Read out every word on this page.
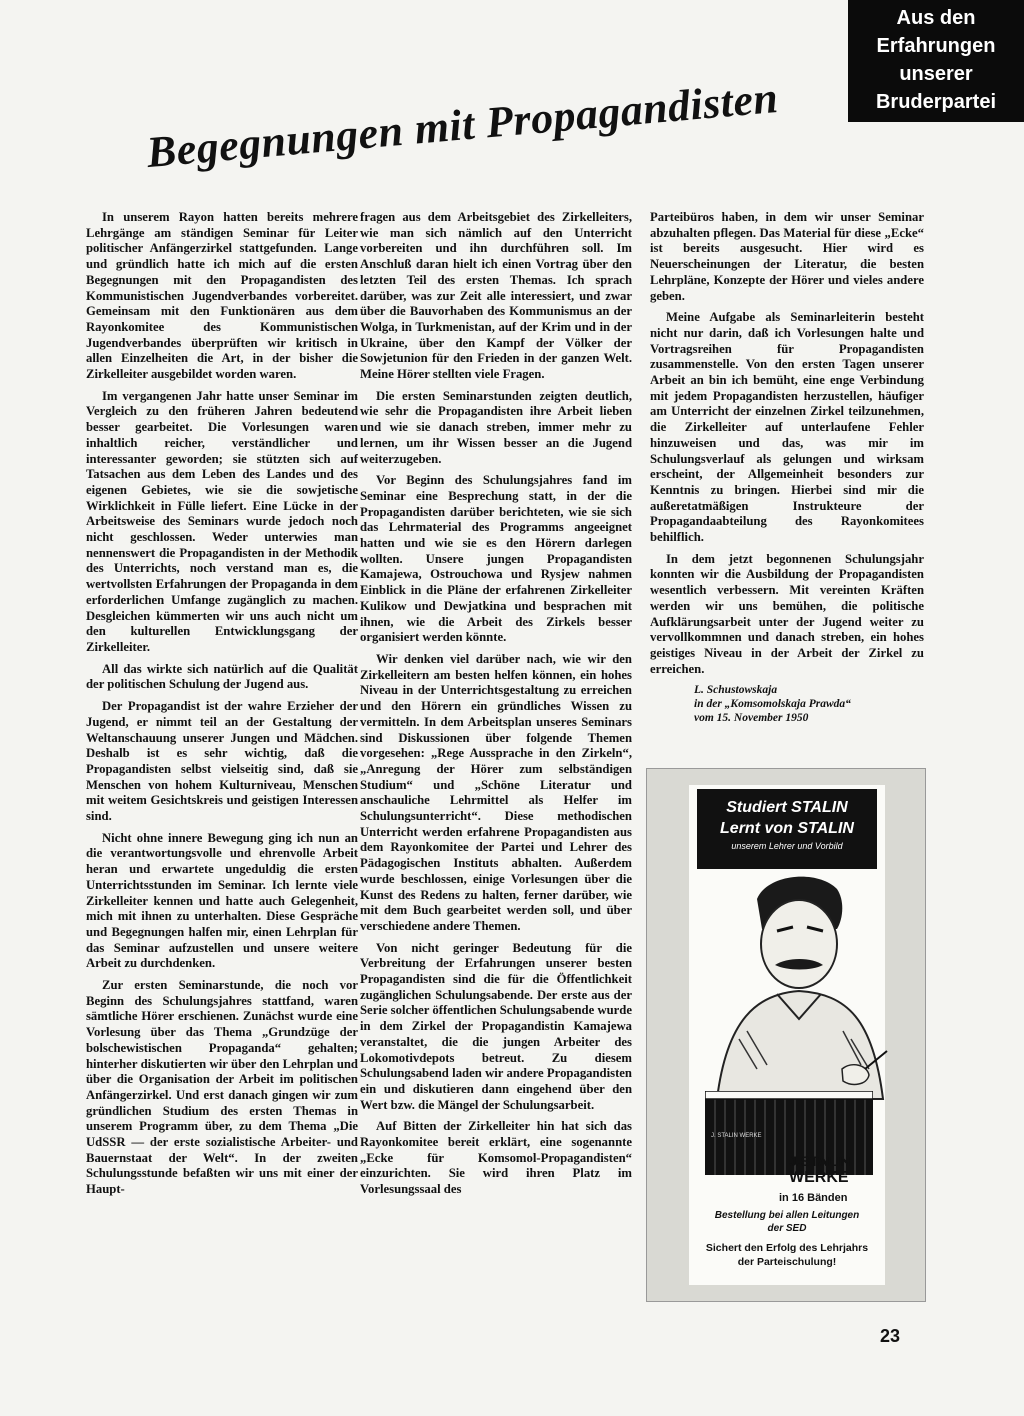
Aus den
Erfahrungen
unserer
Bruderpartei
Begegnungen mit Propagandisten

In unserem Rayon hatten bereits mehrere Lehrgänge am ständigen Seminar für Leiter politischer Anfängerzirkel stattgefunden. Lange und gründlich hatte ich mich auf die ersten Begegnungen mit den Propagandisten des Kommunistischen Jugendverbandes vorbereitet. Gemeinsam mit den Funktionären aus dem Rayonkomitee des Kommunistischen Jugendverbandes überprüften wir kritisch in allen Einzelheiten die Art, in der bisher die Zirkelleiter ausgebildet worden waren.

Im vergangenen Jahr hatte unser Seminar im Vergleich zu den früheren Jahren bedeutend besser gearbeitet. Die Vorlesungen waren inhaltlich reicher, verständlicher und interessanter geworden; sie stützten sich auf Tatsachen aus dem Leben des Landes und des eigenen Gebietes, wie sie die sowjetische Wirklichkeit in Fülle liefert. Eine Lücke in der Arbeitsweise des Seminars wurde jedoch noch nicht geschlossen. Weder unterwies man nennenswert die Propagandisten in der Methodik des Unterrichts, noch verstand man es, die wertvollsten Erfahrungen der Propaganda in dem erforderlichen Umfange zugänglich zu machen. Desgleichen kümmerten wir uns auch nicht um den kulturellen Entwicklungsgang der Zirkelleiter.

All das wirkte sich natürlich auf die Qualität der politischen Schulung der Jugend aus.

Der Propagandist ist der wahre Erzieher der Jugend, er nimmt teil an der Gestaltung der Weltanschauung unserer Jungen und Mädchen. Deshalb ist es sehr wichtig, daß die Propagandisten selbst vielseitig sind, daß sie Menschen von hohem Kulturniveau, Menschen mit weitem Gesichtskreis und geistigen Interessen sind.

Nicht ohne innere Bewegung ging ich nun an die verantwortungsvolle und ehrenvolle Arbeit heran und erwartete ungeduldig die ersten Unterrichtsstunden im Seminar. Ich lernte viele Zirkelleiter kennen und hatte auch Gelegenheit, mich mit ihnen zu unterhalten. Diese Gespräche und Begegnungen halfen mir, einen Lehrplan für das Seminar aufzustellen und unsere weitere Arbeit zu durchdenken.

Zur ersten Seminarstunde, die noch vor Beginn des Schulungsjahres stattfand, waren sämtliche Hörer erschienen. Zunächst wurde eine Vorlesung über das Thema „Grundzüge der bolschewistischen Propaganda“ gehalten; hinterher diskutierten wir über den Lehrplan und über die Organisation der Arbeit im politischen Anfängerzirkel. Und erst danach gingen wir zum gründlichen Studium des ersten Themas in unserem Programm über, zu dem Thema „Die UdSSR — der erste sozialistische Arbeiter- und Bauernstaat der Welt“. In der zweiten Schulungsstunde befaßten wir uns mit einer der Haupt-

fragen aus dem Arbeitsgebiet des Zirkelleiters, wie man sich nämlich auf den Unterricht vorbereiten und ihn durchführen soll. Im Anschluß daran hielt ich einen Vortrag über den letzten Teil des ersten Themas. Ich sprach darüber, was zur Zeit alle interessiert, und zwar über die Bauvorhaben des Kommunismus an der Wolga, in Turkmenistan, auf der Krim und in der Ukraine, über den Kampf der Völker der Sowjetunion für den Frieden in der ganzen Welt. Meine Hörer stellten viele Fragen.

Die ersten Seminarstunden zeigten deutlich, wie sehr die Propagandisten ihre Arbeit lieben und wie sie danach streben, immer mehr zu lernen, um ihr Wissen besser an die Jugend weiterzugeben.

Vor Beginn des Schulungsjahres fand im Seminar eine Besprechung statt, in der die Propagandisten darüber berichteten, wie sie sich das Lehrmaterial des Programms angeeignet hatten und wie sie es den Hörern darlegen wollten. Unsere jungen Propagandisten Kamajewa, Ostrouchowa und Rysjew nahmen Einblick in die Pläne der erfahrenen Zirkelleiter Kulikow und Dewjatkina und besprachen mit ihnen, wie die Arbeit des Zirkels besser organisiert werden könnte.

Wir denken viel darüber nach, wie wir den Zirkelleitern am besten helfen können, ein hohes Niveau in der Unterrichtsgestaltung zu erreichen und den Hörern ein gründliches Wissen zu vermitteln. In dem Arbeitsplan unseres Seminars sind Diskussionen über folgende Themen vorgesehen: „Rege Aussprache in den Zirkeln“, „Anregung der Hörer zum selbständigen Studium“ und „Schöne Literatur und anschauliche Lehrmittel als Helfer im Schulungsunterricht“. Diese methodischen Unterricht werden erfahrene Propagandisten aus dem Rayonkomitee der Partei und Lehrer des Pädagogischen Instituts abhalten. Außerdem wurde beschlossen, einige Vorlesungen über die Kunst des Redens zu halten, ferner darüber, wie mit dem Buch gearbeitet werden soll, und über verschiedene andere Themen.

Von nicht geringer Bedeutung für die Verbreitung der Erfahrungen unserer besten Propagandisten sind die für die Öffentlichkeit zugänglichen Schulungsabende. Der erste aus der Serie solcher öffentlichen Schulungsabende wurde in dem Zirkel der Propagandistin Kamajewa veranstaltet, die die jungen Arbeiter des Lokomotivdepots betreut. Zu diesem Schulungsabend laden wir andere Propagandisten ein und diskutieren dann eingehend über den Wert bzw. die Mängel der Schulungsarbeit.

Auf Bitten der Zirkelleiter hin hat sich das Rayonkomitee bereit erklärt, eine sogenannte „Ecke für Komsomol-Propagandisten“ einzurichten. Sie wird ihren Platz im Vorlesungssaal des

Parteibüros haben, in dem wir unser Seminar abzuhalten pflegen. Das Material für diese „Ecke“ ist bereits ausgesucht. Hier wird es Neuerscheinungen der Literatur, die besten Lehrpläne, Konzepte der Hörer und vieles andere geben.

Meine Aufgabe als Seminarleiterin besteht nicht nur darin, daß ich Vorlesungen halte und Vortragsreihen für Propagandisten zusammenstelle. Von den ersten Tagen unserer Arbeit an bin ich bemüht, eine enge Verbindung mit jedem Propagandisten herzustellen, häufiger am Unterricht der einzelnen Zirkel teilzunehmen, die Zirkelleiter auf unterlaufene Fehler hinzuweisen und das, was mir im Schulungsverlauf als gelungen und wirksam erscheint, der Allgemeinheit besonders zur Kenntnis zu bringen. Hierbei sind mir die außeretatmäßigen Instrukteure der Propagandaabteilung des Rayonkomitees behilflich.

In dem jetzt begonnenen Schulungsjahr konnten wir die Ausbildung der Propagandisten wesentlich verbessern. Mit vereinten Kräften werden wir uns bemühen, die politische Aufklärungsarbeit unter der Jugend weiter zu vervollkommnen und danach streben, ein hohes geistiges Niveau in der Arbeit der Zirkel zu erreichen.

L. Schustowskaja
in der „Komsomolskaja Prawda“
vom 15. November 1950
Studiert STALIN
Lernt von STALIN
unserem Lehrer und Vorbild
J. STALIN WERKE
J.STALIN
WERKE
in 16 Bänden
Bestellung bei allen Leitungen
der SED
Sichert den Erfolg des Lehrjahrs
der Parteischulung!
23
